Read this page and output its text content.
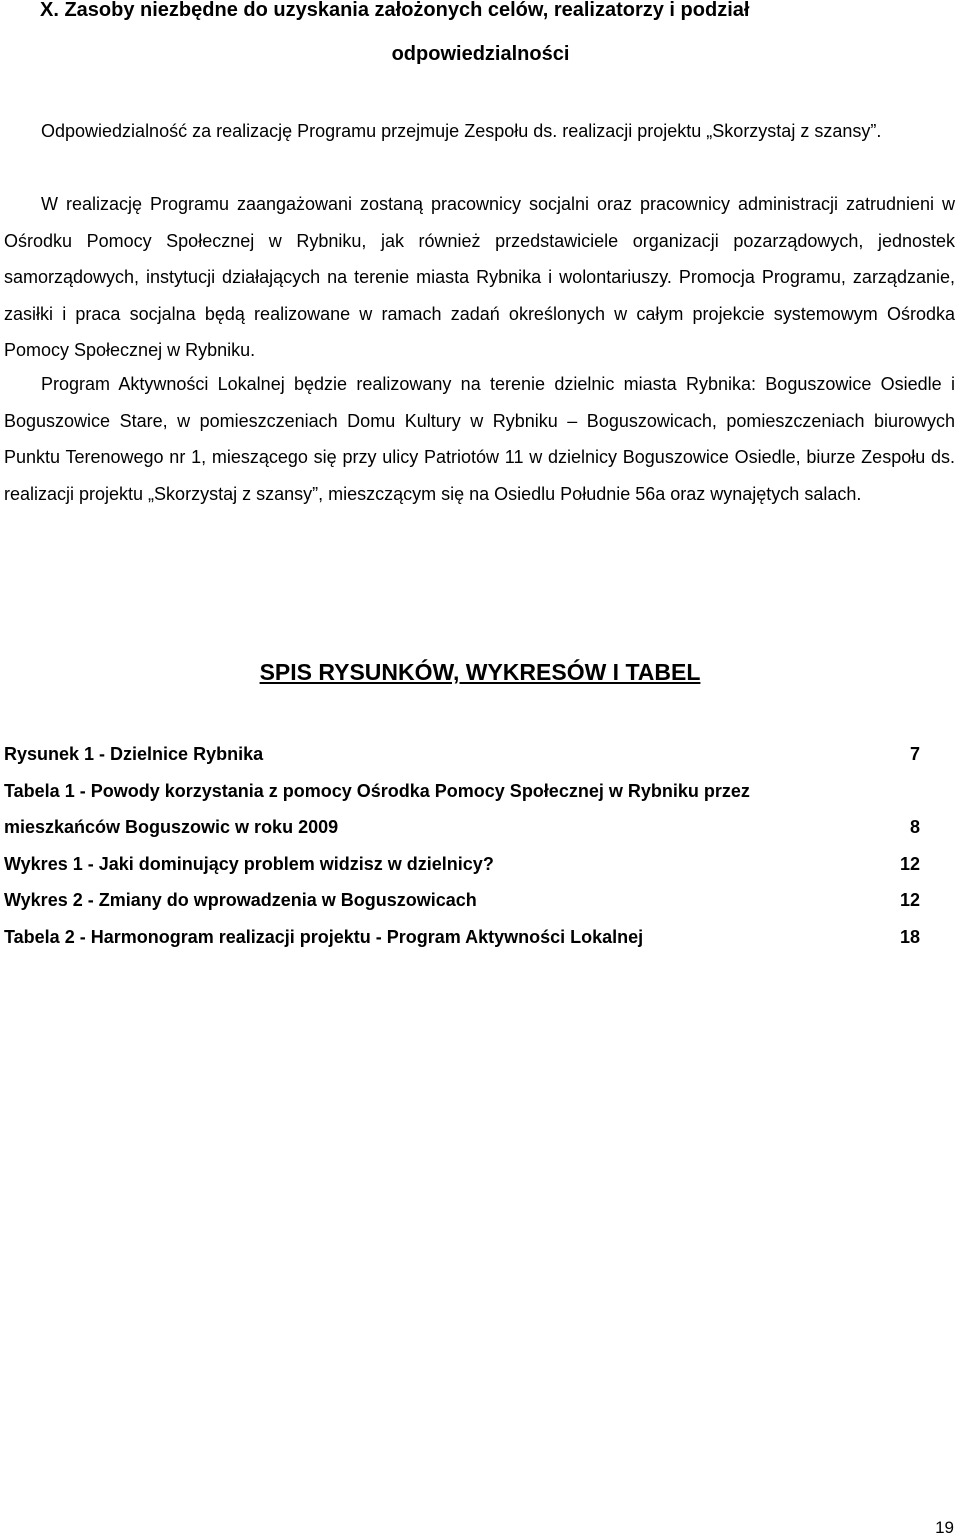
X. Zasoby niezbędne do uzyskania założonych celów, realizatorzy i podział
odpowiedzialności

Odpowiedzialność za realizację Programu przejmuje Zespołu ds. realizacji projektu „Skorzystaj z szansy”.

W realizację Programu zaangażowani zostaną pracownicy socjalni oraz pracownicy administracji zatrudnieni w Ośrodku Pomocy Społecznej w Rybniku, jak również przedstawiciele organizacji pozarządowych, jednostek samorządowych, instytucji działających na terenie miasta Rybnika i wolontariuszy. Promocja Programu, zarządzanie, zasiłki i praca socjalna będą realizowane w ramach zadań określonych w całym projekcie systemowym Ośrodka Pomocy Społecznej w Rybniku.

Program Aktywności Lokalnej będzie realizowany na terenie dzielnic miasta Rybnika: Boguszowice Osiedle i Boguszowice Stare, w pomieszczeniach Domu Kultury w Rybniku – Boguszowicach, pomieszczeniach biurowych Punktu Terenowego nr 1, mieszącego się przy ulicy Patriotów 11 w dzielnicy Boguszowice Osiedle, biurze Zespołu ds. realizacji projektu „Skorzystaj z szansy”, mieszczącym się na Osiedlu Południe 56a oraz wynajętych salach.

SPIS RYSUNKÓW, WYKRESÓW I TABEL
Rysunek 1 - Dzielnice Rybnika	7
Tabela 1 - Powody korzystania z pomocy Ośrodka Pomocy Społecznej w Rybniku przez
mieszkańców Boguszowic w roku 2009	8
Wykres 1 - Jaki dominujący problem widzisz w dzielnicy?	12
Wykres 2 - Zmiany do wprowadzenia w Boguszowicach	12
Tabela 2 - Harmonogram realizacji projektu - Program Aktywności Lokalnej	18
19
